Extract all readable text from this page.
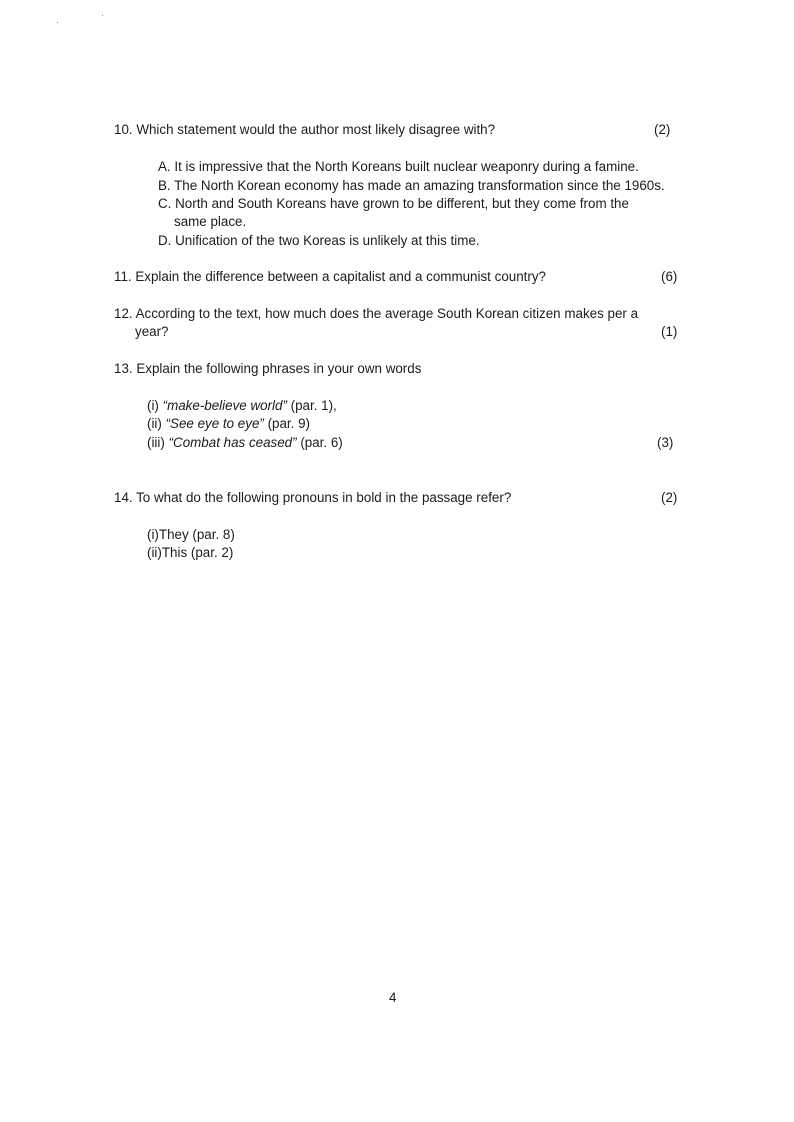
10. Which statement would the author most likely disagree with?	(2)
A. It is impressive that the North Koreans built nuclear weaponry during a famine.
B. The North Korean economy has made an amazing transformation since the 1960s.
C. North and South Koreans have grown to be different, but they come from the
same place.
D. Unification of the two Koreas is unlikely at this time.
11. Explain the difference between a capitalist and a communist country?	(6)
12. According to the text, how much does the average South Korean citizen makes per a
year?	(1)
13. Explain the following phrases in your own words
(i) “make-believe world” (par. 1),
(ii) “See eye to eye” (par. 9)
(iii) “Combat has ceased” (par. 6)	(3)
14. To what do the following pronouns in bold in the passage refer?	(2)
(i)They (par. 8)
(ii)This (par. 2)
4
